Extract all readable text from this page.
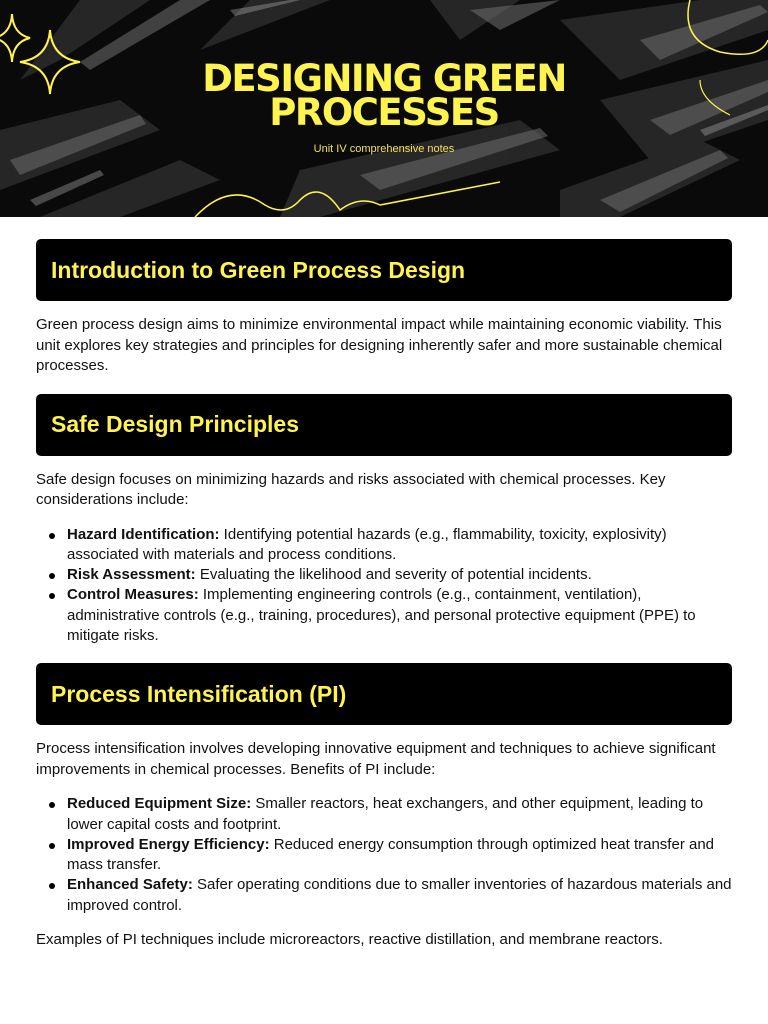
DESIGNING GREEN
PROCESSES
Unit IV comprehensive notes
Introduction to Green Process Design

Green process design aims to minimize environmental impact while maintaining economic viability. This unit explores key strategies and principles for designing inherently safer and more sustainable chemical processes.

Safe Design Principles

Safe design focuses on minimizing hazards and risks associated with chemical processes. Key considerations include:

Hazard Identification: Identifying potential hazards (e.g., flammability, toxicity, explosivity) associated with materials and process conditions.
Risk Assessment: Evaluating the likelihood and severity of potential incidents.
Control Measures: Implementing engineering controls (e.g., containment, ventilation), administrative controls (e.g., training, procedures), and personal protective equipment (PPE) to mitigate risks.
Process Intensification (PI)

Process intensification involves developing innovative equipment and techniques to achieve significant improvements in chemical processes. Benefits of PI include:

Reduced Equipment Size: Smaller reactors, heat exchangers, and other equipment, leading to lower capital costs and footprint.
Improved Energy Efficiency: Reduced energy consumption through optimized heat transfer and mass transfer.
Enhanced Safety: Safer operating conditions due to smaller inventories of hazardous materials and improved control.

Examples of PI techniques include microreactors, reactive distillation, and membrane reactors.
